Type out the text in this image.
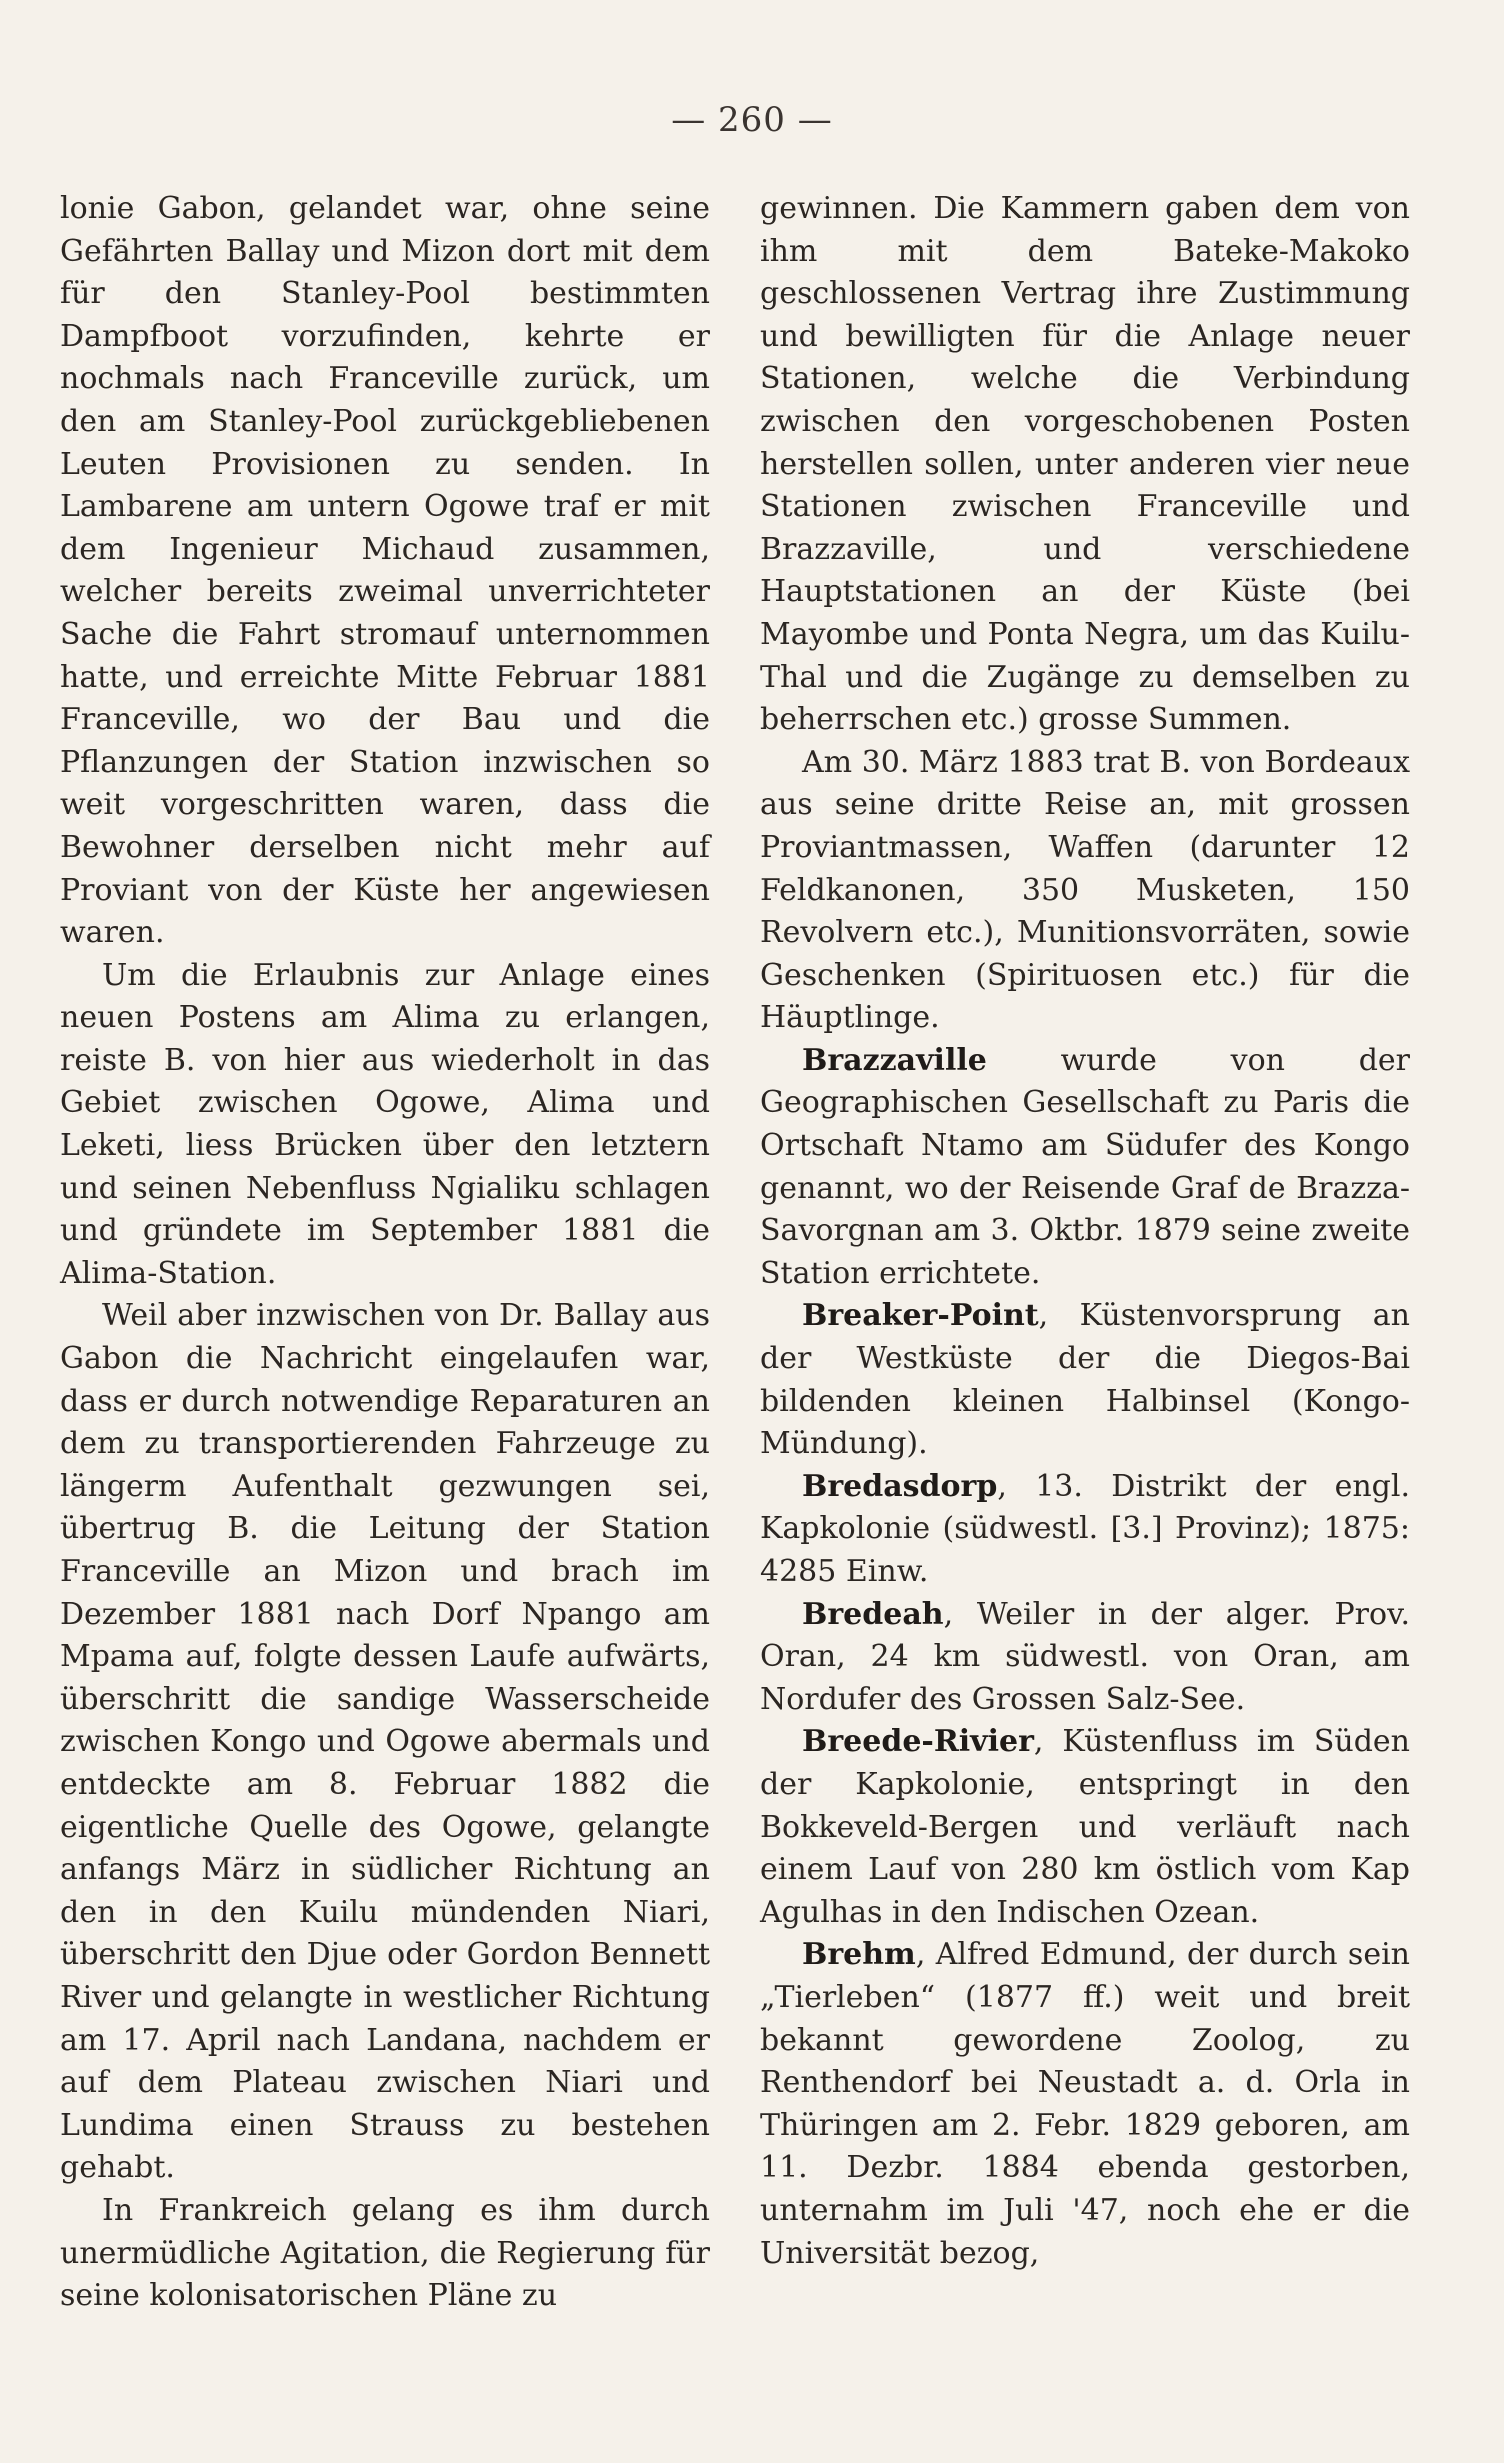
— 260 —

lonie Gabon, gelandet war, ohne seine Gefährten Ballay und Mizon dort mit dem für den Stanley-Pool bestimmten Dampfboot vorzufinden, kehrte er nochmals nach Franceville zurück, um den am Stanley-Pool zurückgebliebenen Leuten Provisionen zu senden. In Lambarene am untern Ogowe traf er mit dem Ingenieur Michaud zusammen, welcher bereits zweimal unverrichteter Sache die Fahrt stromauf unternommen hatte, und erreichte Mitte Februar 1881 Franceville, wo der Bau und die Pflanzungen der Station inzwischen so weit vorgeschritten waren, dass die Bewohner derselben nicht mehr auf Proviant von der Küste her angewiesen waren.

Um die Erlaubnis zur Anlage eines neuen Postens am Alima zu erlangen, reiste B. von hier aus wiederholt in das Gebiet zwischen Ogowe, Alima und Leketi, liess Brücken über den letztern und seinen Nebenfluss Ngialiku schlagen und gründete im September 1881 die Alima-Station.

Weil aber inzwischen von Dr. Ballay aus Gabon die Nachricht eingelaufen war, dass er durch notwendige Reparaturen an dem zu transportierenden Fahrzeuge zu längerm Aufenthalt gezwungen sei, übertrug B. die Leitung der Station Franceville an Mizon und brach im Dezember 1881 nach Dorf Npango am Mpama auf, folgte dessen Laufe aufwärts, überschritt die sandige Wasserscheide zwischen Kongo und Ogowe abermals und entdeckte am 8. Februar 1882 die eigentliche Quelle des Ogowe, gelangte anfangs März in südlicher Richtung an den in den Kuilu mündenden Niari, überschritt den Djue oder Gordon Bennett River und gelangte in westlicher Richtung am 17. April nach Landana, nachdem er auf dem Plateau zwischen Niari und Lundima einen Strauss zu bestehen gehabt.

In Frankreich gelang es ihm durch unermüdliche Agitation, die Regierung für seine kolonisatorischen Pläne zu

gewinnen. Die Kammern gaben dem von ihm mit dem Bateke-Makoko geschlossenen Vertrag ihre Zustimmung und bewilligten für die Anlage neuer Stationen, welche die Verbindung zwischen den vorgeschobenen Posten herstellen sollen, unter anderen vier neue Stationen zwischen Franceville und Brazzaville, und verschiedene Hauptstationen an der Küste (bei Mayombe und Ponta Negra, um das Kuilu-Thal und die Zugänge zu demselben zu beherrschen etc.) grosse Summen.

Am 30. März 1883 trat B. von Bordeaux aus seine dritte Reise an, mit grossen Proviantmassen, Waffen (darunter 12 Feldkanonen, 350 Musketen, 150 Revolvern etc.), Munitionsvorräten, sowie Geschenken (Spirituosen etc.) für die Häuptlinge.

Brazzaville wurde von der Geographischen Gesellschaft zu Paris die Ortschaft Ntamo am Südufer des Kongo genannt, wo der Reisende Graf de Brazza-Savorgnan am 3. Oktbr. 1879 seine zweite Station errichtete.

Breaker-Point, Küstenvorsprung an der Westküste der die Diegos-Bai bildenden kleinen Halbinsel (Kongo-Mündung).

Bredasdorp, 13. Distrikt der engl. Kapkolonie (südwestl. [3.] Provinz); 1875: 4285 Einw.

Bredeah, Weiler in der alger. Prov. Oran, 24 km südwestl. von Oran, am Nordufer des Grossen Salz-See.

Breede-Rivier, Küstenfluss im Süden der Kapkolonie, entspringt in den Bokkeveld-Bergen und verläuft nach einem Lauf von 280 km östlich vom Kap Agulhas in den Indischen Ozean.

Brehm, Alfred Edmund, der durch sein „Tierleben“ (1877 ff.) weit und breit bekannt gewordene Zoolog, zu Renthendorf bei Neustadt a. d. Orla in Thüringen am 2. Febr. 1829 geboren, am 11. Dezbr. 1884 ebenda gestorben, unternahm im Juli '47, noch ehe er die Universität bezog,
